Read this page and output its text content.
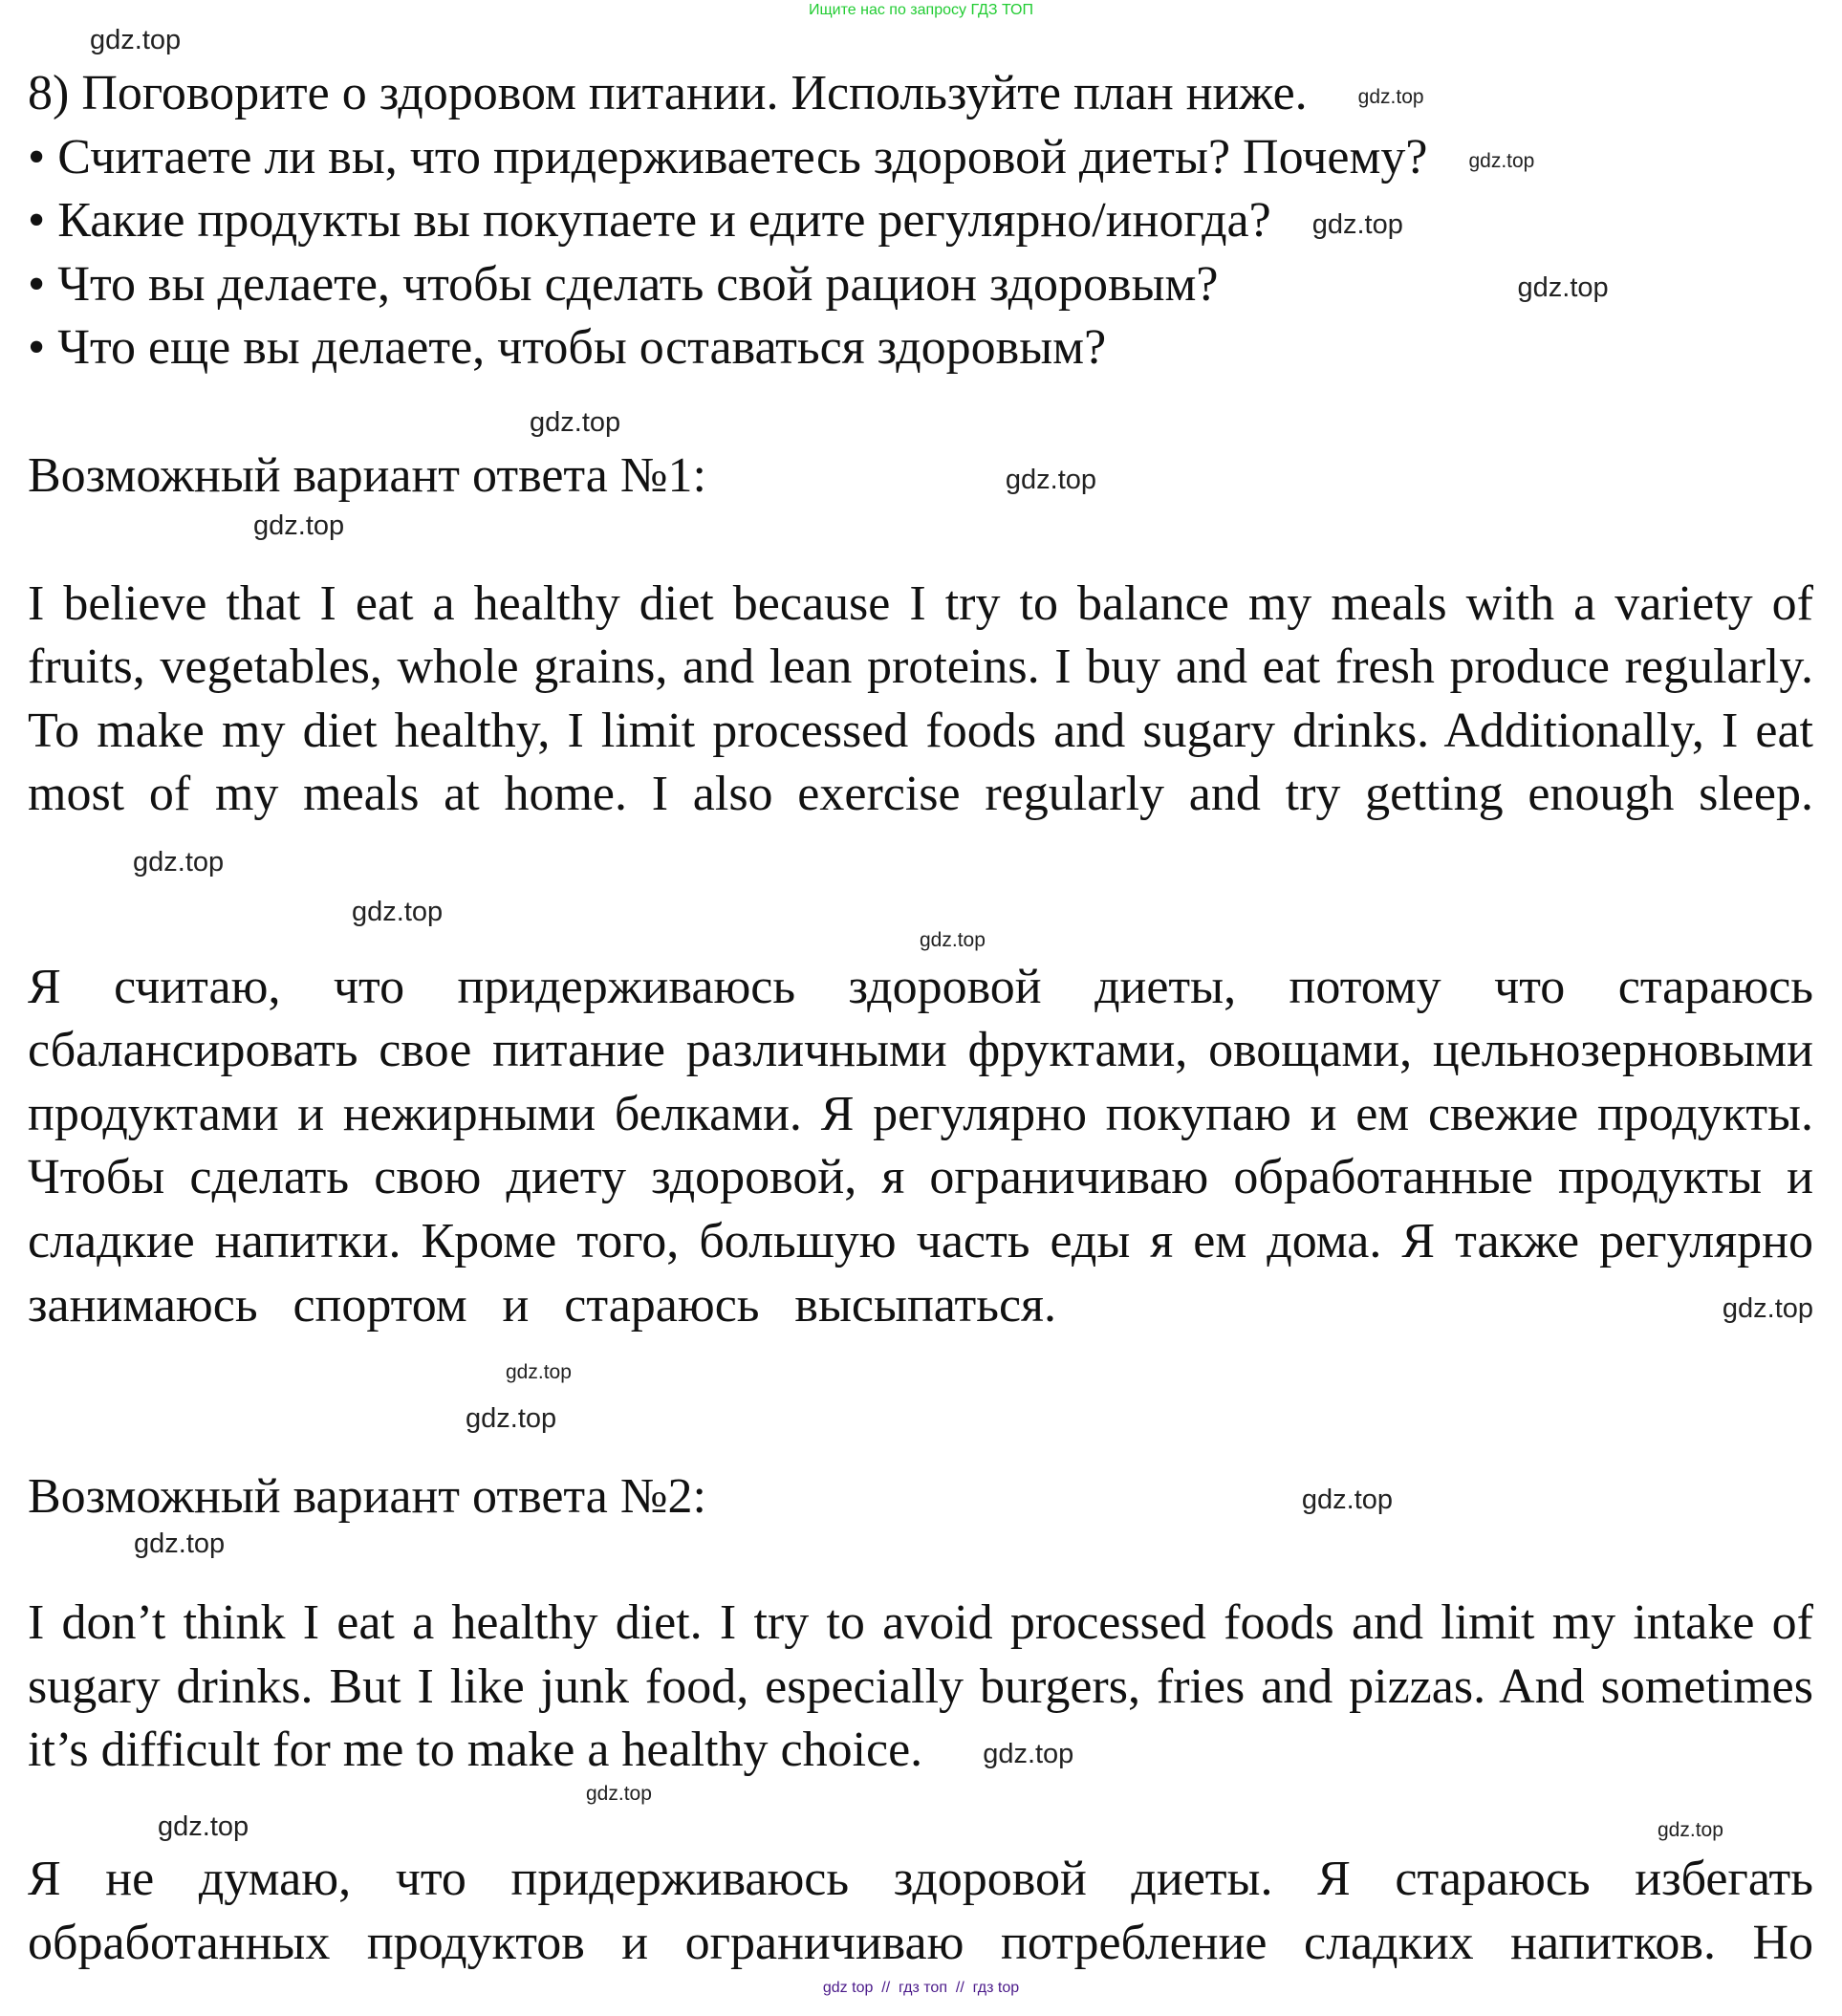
Ищите нас по запросу ГДЗ ТОП
gdz.top
8) Поговорите о здоровом питании. Используйте план ниже.	gdz.top
• Считаете ли вы, что придерживаетесь здоровой диеты? Почему? gdz.top
• Какие продукты вы покупаете и едите регулярно/иногда? gdz.top
• Что вы делаете, чтобы сделать свой рацион здоровым?	gdz.top
• Что еще вы делаете, чтобы оставаться здоровым?
gdz.top
Возможный вариант ответа №1:	gdz.top
gdz.top
I believe that I eat a healthy diet because I try to balance my meals with a variety of fruits, vegetables, whole grains, and lean proteins. I buy and eat fresh produce regularly. To make my diet healthy, I limit processed foods and sugary drinks. Additionally, I eat most of my meals at home. I also exercise regularly and try getting enough sleep. gdz.top
gdz.top
gdz.top
Я считаю, что придерживаюсь здоровой диеты, потому что стараюсь сбалансировать свое питание различными фруктами, овощами, цельнозерновыми продуктами и нежирными белками. Я регулярно покупаю и ем свежие продукты. Чтобы сделать свою диету здоровой, я ограничиваю обработанные продукты и сладкие напитки. Кроме того, большую часть еды я ем дома. Я также регулярно занимаюсь спортом и стараюсь высыпаться.	gdz.top gdz.top
gdz.top
Возможный вариант ответа №2:	gdz.top
gdz.top
I don’t think I eat a healthy diet. I try to avoid processed foods and limit my intake of sugary drinks. But I like junk food, especially burgers, fries and pizzas. And sometimes it’s difficult for me to make a healthy choice. gdz.top
gdz.top
gdz.top	gdz.top
Я не думаю, что придерживаюсь здоровой диеты. Я стараюсь избегать обработанных продуктов и ограничиваю потребление сладких напитков. Но
gdz top  //  гдз топ  //  гдз top
